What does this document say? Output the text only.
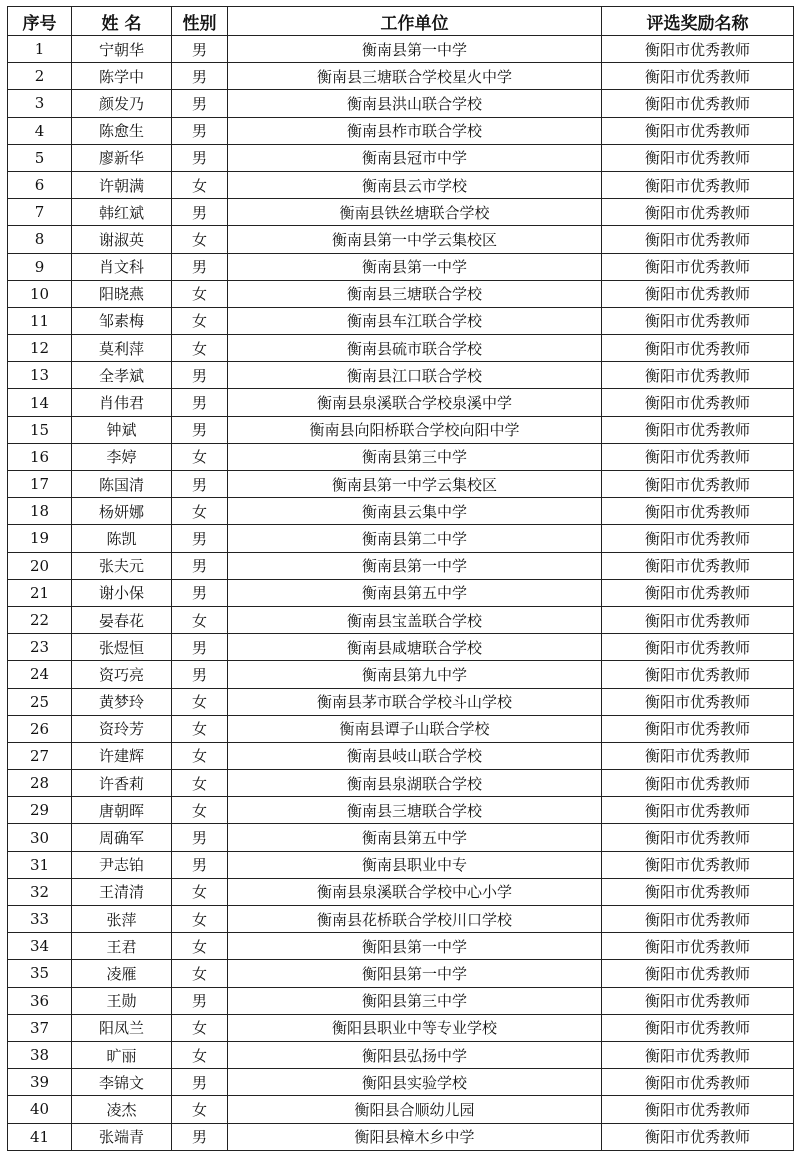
序号	姓 名	性别	工作单位	评选奖励名称
1	宁朝华	男	衡南县第一中学	衡阳市优秀教师
2	陈学中	男	衡南县三塘联合学校星火中学	衡阳市优秀教师
3	颜发乃	男	衡南县洪山联合学校	衡阳市优秀教师
4	陈愈生	男	衡南县柞市联合学校	衡阳市优秀教师
5	廖新华	男	衡南县冠市中学	衡阳市优秀教师
6	许朝满	女	衡南县云市学校	衡阳市优秀教师
7	韩红斌	男	衡南县铁丝塘联合学校	衡阳市优秀教师
8	谢淑英	女	衡南县第一中学云集校区	衡阳市优秀教师
9	肖文科	男	衡南县第一中学	衡阳市优秀教师
10	阳晓燕	女	衡南县三塘联合学校	衡阳市优秀教师
11	邹素梅	女	衡南县车江联合学校	衡阳市优秀教师
12	莫利萍	女	衡南县硫市联合学校	衡阳市优秀教师
13	全孝斌	男	衡南县江口联合学校	衡阳市优秀教师
14	肖伟君	男	衡南县泉溪联合学校泉溪中学	衡阳市优秀教师
15	钟斌	男	衡南县向阳桥联合学校向阳中学	衡阳市优秀教师
16	李婷	女	衡南县第三中学	衡阳市优秀教师
17	陈国清	男	衡南县第一中学云集校区	衡阳市优秀教师
18	杨妍娜	女	衡南县云集中学	衡阳市优秀教师
19	陈凯	男	衡南县第二中学	衡阳市优秀教师
20	张夫元	男	衡南县第一中学	衡阳市优秀教师
21	谢小保	男	衡南县第五中学	衡阳市优秀教师
22	晏春花	女	衡南县宝盖联合学校	衡阳市优秀教师
23	张煜恒	男	衡南县咸塘联合学校	衡阳市优秀教师
24	资巧亮	男	衡南县第九中学	衡阳市优秀教师
25	黄梦玲	女	衡南县茅市联合学校斗山学校	衡阳市优秀教师
26	资玲芳	女	衡南县谭子山联合学校	衡阳市优秀教师
27	许建辉	女	衡南县岐山联合学校	衡阳市优秀教师
28	许香莉	女	衡南县泉湖联合学校	衡阳市优秀教师
29	唐朝晖	女	衡南县三塘联合学校	衡阳市优秀教师
30	周确军	男	衡南县第五中学	衡阳市优秀教师
31	尹志铂	男	衡南县职业中专	衡阳市优秀教师
32	王清清	女	衡南县泉溪联合学校中心小学	衡阳市优秀教师
33	张萍	女	衡南县花桥联合学校川口学校	衡阳市优秀教师
34	王君	女	衡阳县第一中学	衡阳市优秀教师
35	凌雁	女	衡阳县第一中学	衡阳市优秀教师
36	王勋	男	衡阳县第三中学	衡阳市优秀教师
37	阳凤兰	女	衡阳县职业中等专业学校	衡阳市优秀教师
38	旷丽	女	衡阳县弘扬中学	衡阳市优秀教师
39	李锦文	男	衡阳县实验学校	衡阳市优秀教师
40	凌杰	女	衡阳县合顺幼儿园	衡阳市优秀教师
41	张端青	男	衡阳县樟木乡中学	衡阳市优秀教师
